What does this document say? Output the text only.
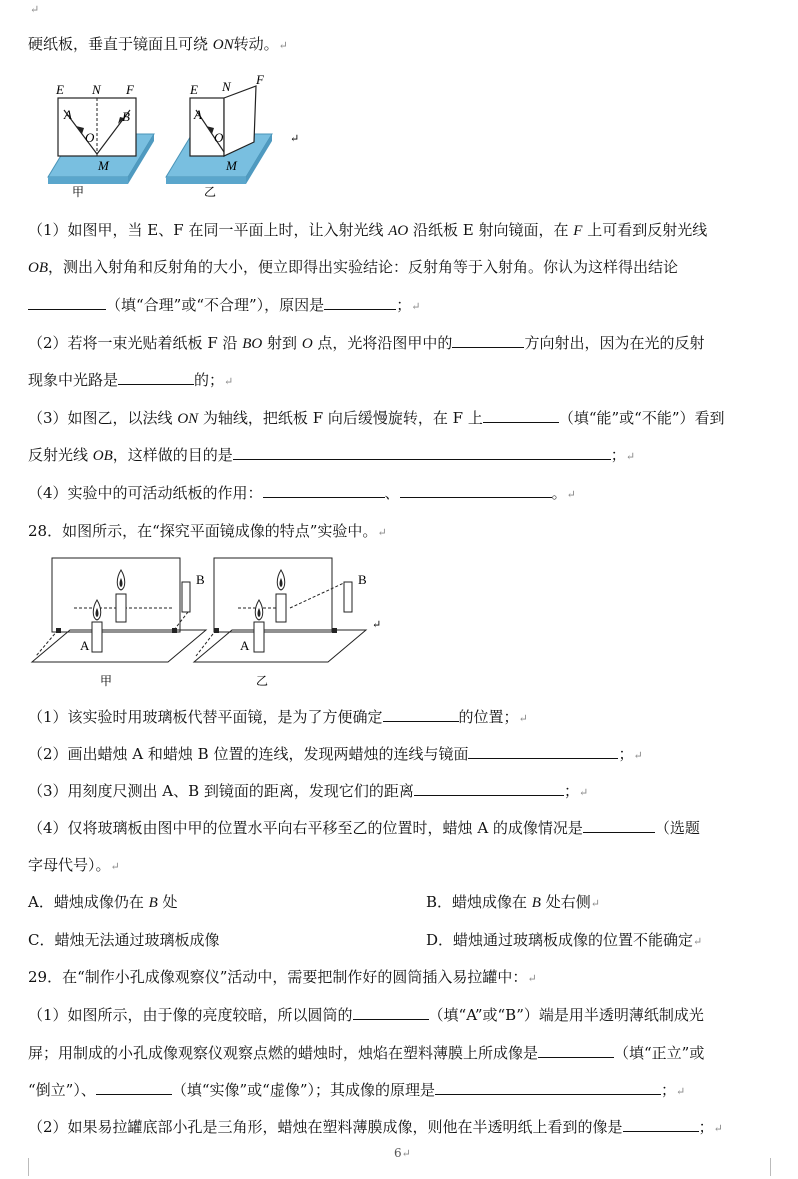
↵
硬纸板，垂直于镜面且可绕 ON转动。↵
E N F
A	B
O
M
甲
E N F
A
O
M
乙
↵
（1）如图甲，当 E、F 在同一平面上时，让入射光线 AO 沿纸板 E 射向镜面，在 F 上可看到反射光线
OB，测出入射角和反射角的大小，便立即得出实验结论：反射角等于入射角。你认为这样得出结论
（填“合理”或“不合理”），原因是	；↵
（2）若将一束光贴着纸板 F 沿 BO 射到 O 点，光将沿图甲中的	方向射出，因为在光的反射
现象中光路是	的；↵
（3）如图乙，以法线 ON 为轴线，把纸板 F 向后缓慢旋转，在 F 上	（填“能”或“不能”）看到
反射光线 OB，这样做的目的是	；↵
（4）实验中的可活动纸板的作用：	、	。↵
28．如图所示，在“探究平面镜成像的特点”实验中。↵
B
A
甲
B
A
乙
↵
（1）该实验时用玻璃板代替平面镜，是为了方便确定	的位置；↵
（2）画出蜡烛 A 和蜡烛 B 位置的连线，发现两蜡烛的连线与镜面	；↵
（3）用刻度尺测出 A、B 到镜面的距离，发现它们的距离	；↵
（4）仅将玻璃板由图中甲的位置水平向右平移至乙的位置时，蜡烛 A 的成像情况是	（选题
字母代号）。↵
A．蜡烛成像仍在 B 处	B．蜡烛成像在 B 处右侧↵
C．蜡烛无法通过玻璃板成像	D．蜡烛通过玻璃板成像的位置不能确定↵
29．在“制作小孔成像观察仪”活动中，需要把制作好的圆筒插入易拉罐中：↵
（1）如图所示，由于像的亮度较暗，所以圆筒的	（填“A”或“B”）端是用半透明薄纸制成光
屏；用制成的小孔成像观察仪观察点燃的蜡烛时，烛焰在塑料薄膜上所成像是	（填“正立”或
“倒立”）、	（填“实像”或“虚像”）；其成像的原理是	；↵
（2）如果易拉罐底部小孔是三角形，蜡烛在塑料薄膜成像，则他在半透明纸上看到的像是	；↵
6↵
